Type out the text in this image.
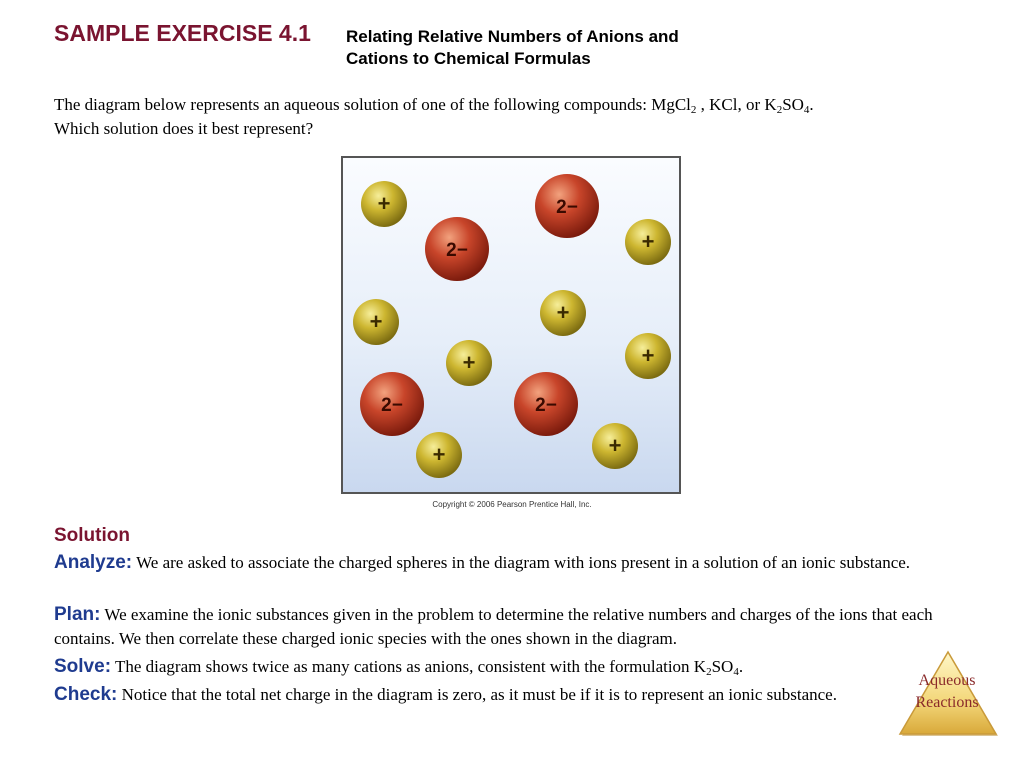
SAMPLE EXERCISE 4.1 Relating Relative Numbers of Anions and
Cations to Chemical Formulas
The diagram below represents an aqueous solution of one of the following compounds: MgCl$_2$ , KCl, or $K_2SO_4$.
Which solution does it best represent?
+
+
+
+
+
+
+
+
2−
2−
2−	2−
Copyright © 2006 Pearson Prentice Hall, Inc.
Solution
Analyze: We are asked to associate the charged spheres in the diagram with ions present in a solution of an ionic substance.
Plan: We examine the ionic substances given in the problem to determine the relative numbers and charges of the ions that each contains. We then correlate these charged ionic species with the ones shown in the diagram.
Solve: The diagram shows twice as many cations as anions, consistent with the formulation $K_2SO_4$.
Check: Notice that the total net charge in the diagram is zero, as it must be if it is to represent an ionic substance.
Aqueous
Reactions
